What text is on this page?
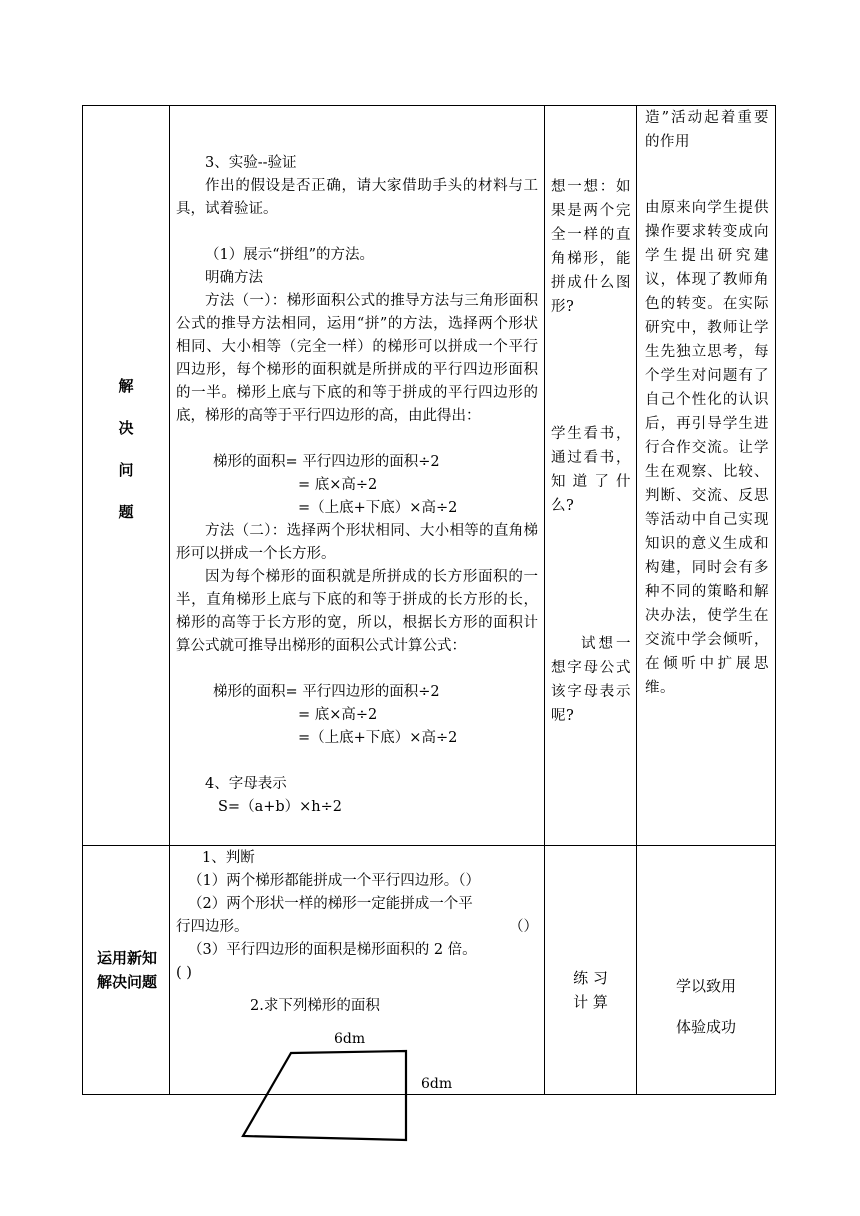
解
决
问
题

3、实验--验证

作出的假设是否正确，请大家借助手头的材料与工具，试着验证。

（1）展示“拼组”的方法。

明确方法

方法（一）：梯形面积公式的推导方法与三角形面积公式的推导方法相同，运用“拼”的方法，选择两个形状相同、大小相等（完全一样）的梯形可以拼成一个平行四边形，每个梯形的面积就是所拼成的平行四边形面积的一半。梯形上底与下底的和等于拼成的平行四边形的底，梯形的高等于平行四边形的高，由此得出：

梯形的面积= 平行四边形的面积÷2
= 底×高÷2
=（上底+下底）×高÷2

方法（二）：选择两个形状相同、大小相等的直角梯形可以拼成一个长方形。

因为每个梯形的面积就是所拼成的长方形面积的一半，直角梯形上底与下底的和等于拼成的长方形的长，梯形的高等于长方形的宽，所以，根据长方形的面积计算公式就可推导出梯形的面积公式计算公式：

梯形的面积= 平行四边形的面积÷2
= 底×高÷2
=（上底+下底）×高÷2

4、字母表示

S=（a+b）×h÷2

想一想：如果是两个完全一样的直角梯形，能拼成什么图形?

学生看书，通过看书，知道了什么?

试想一想字母公式该字母表示呢?

造”活动起着重要的作用

由原来向学生提供操作要求转变成向学生提出研究建议，体现了教师角色的转变。在实际研究中，教师让学生先独立思考，每个学生对问题有了自己个性化的认识后，再引导学生进行合作交流。让学生在观察、比较、判断、交流、反思等活动中自己实现知识的意义生成和构建，同时会有多种不同的策略和解决办法，使学生在交流中学会倾听，在倾听中扩展思维。

运用新知
解决问题

1、判断

（1）两个梯形都能拼成一个平行四边形。（）

（2）两个形状一样的梯形一定能拼成一个平

行四边形。	（）

（3）平行四边形的面积是梯形面积的 2 倍。

( )

2.求下列梯形的面积

6dm
6dm
练 习
计 算
学以致用
体验成功
